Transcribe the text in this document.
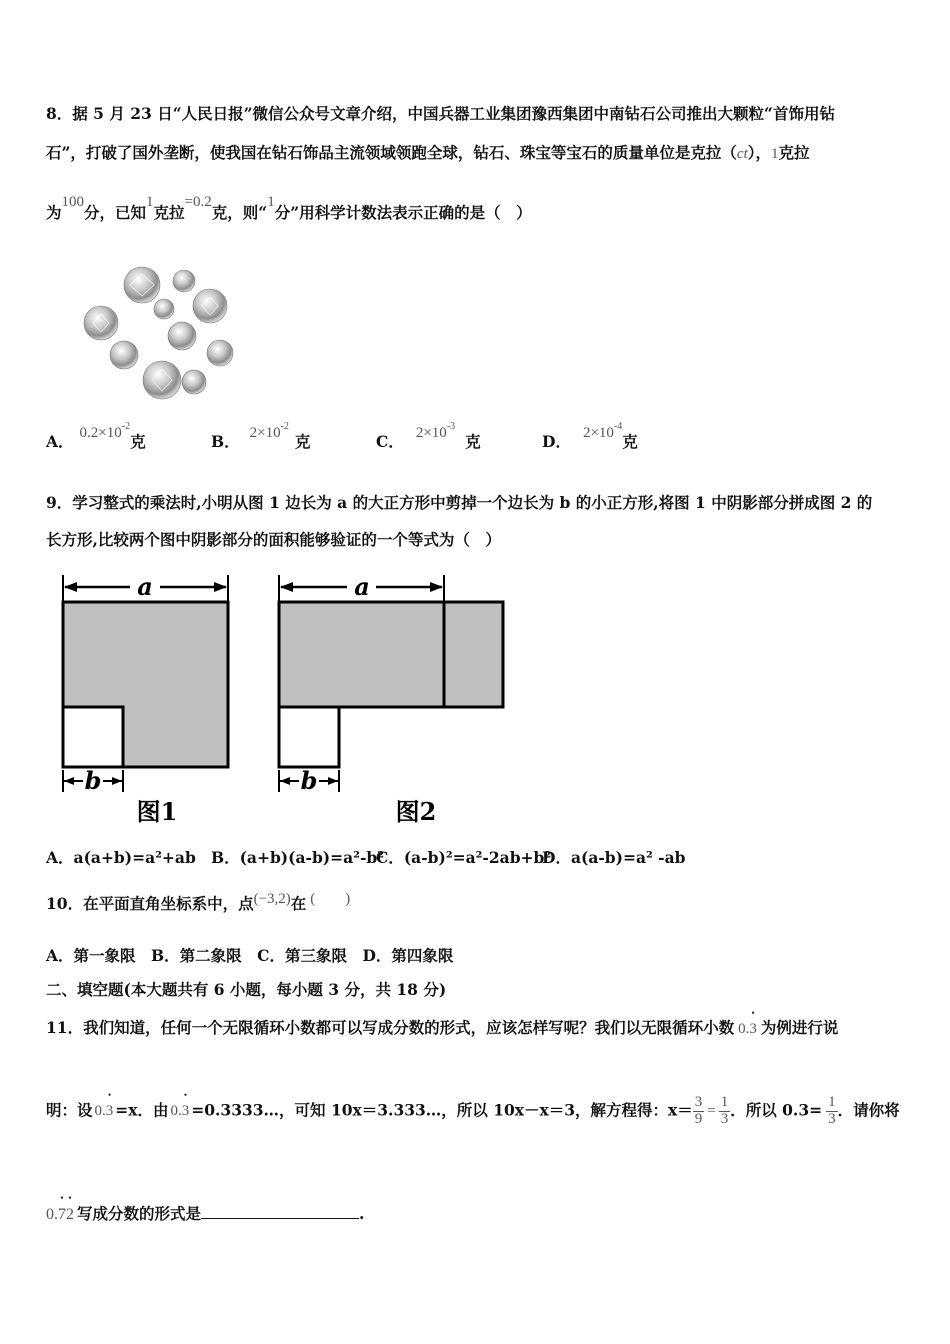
8．据 5 月 23 日“人民日报”微信公众号文章介绍，中国兵器工业集团豫西集团中南钻石公司推出大颗粒“首饰用钻
石”，打破了国外垄断，使我国在钻石饰品主流领域领跑全球，钻石、珠宝等宝石的质量单位是克拉（ct），1克拉
为100分，已知1克拉=0.2克，则“1分”用科学计数法表示正确的是（　）
A． $0.2\times 10^{-2}$克	B． $2\times 10^{-2}$克	C． $2\times 10^{-3}$克	D． $2\times 10^{-4}$克
9．学习整式的乘法时,小明从图 1 边长为 a 的大正方形中剪掉一个边长为 b 的小正方形,将图 1 中阴影部分拼成图 2 的
长方形,比较两个图中阴影部分的面积能够验证的一个等式为（　）
a
b
图1
a
b
图2
A．a(a+b)=a²+ab B．(a+b)(a-b)=a²-b²
C．(a-b)²=a²-2ab+b²
D．a(a-b)=a² -ab
10．在平面直角坐标系中，点(−3,2)在 (　　)
A．第一象限　B．第二象限　C．第三象限　D．第四象限
二、填空题(本大题共有 6 小题，每小题 3 分，共 18 分)
11．我们知道，任何一个无限循环小数都可以写成分数的形式，应该怎样写呢？我们以无限循环小数 0.• 3 为例进行说
明：设 0.• 3 =x．由 0.• 3 =0.3333…，可知 10x＝3.333…，所以 10x－x＝3，解方程得：$x= \frac{3}{9} = \frac{1}{3}$ ．所以 $0.3= \frac{1}{3}$ ．请你将
0.• 7• 2 写成分数的形式是	.
